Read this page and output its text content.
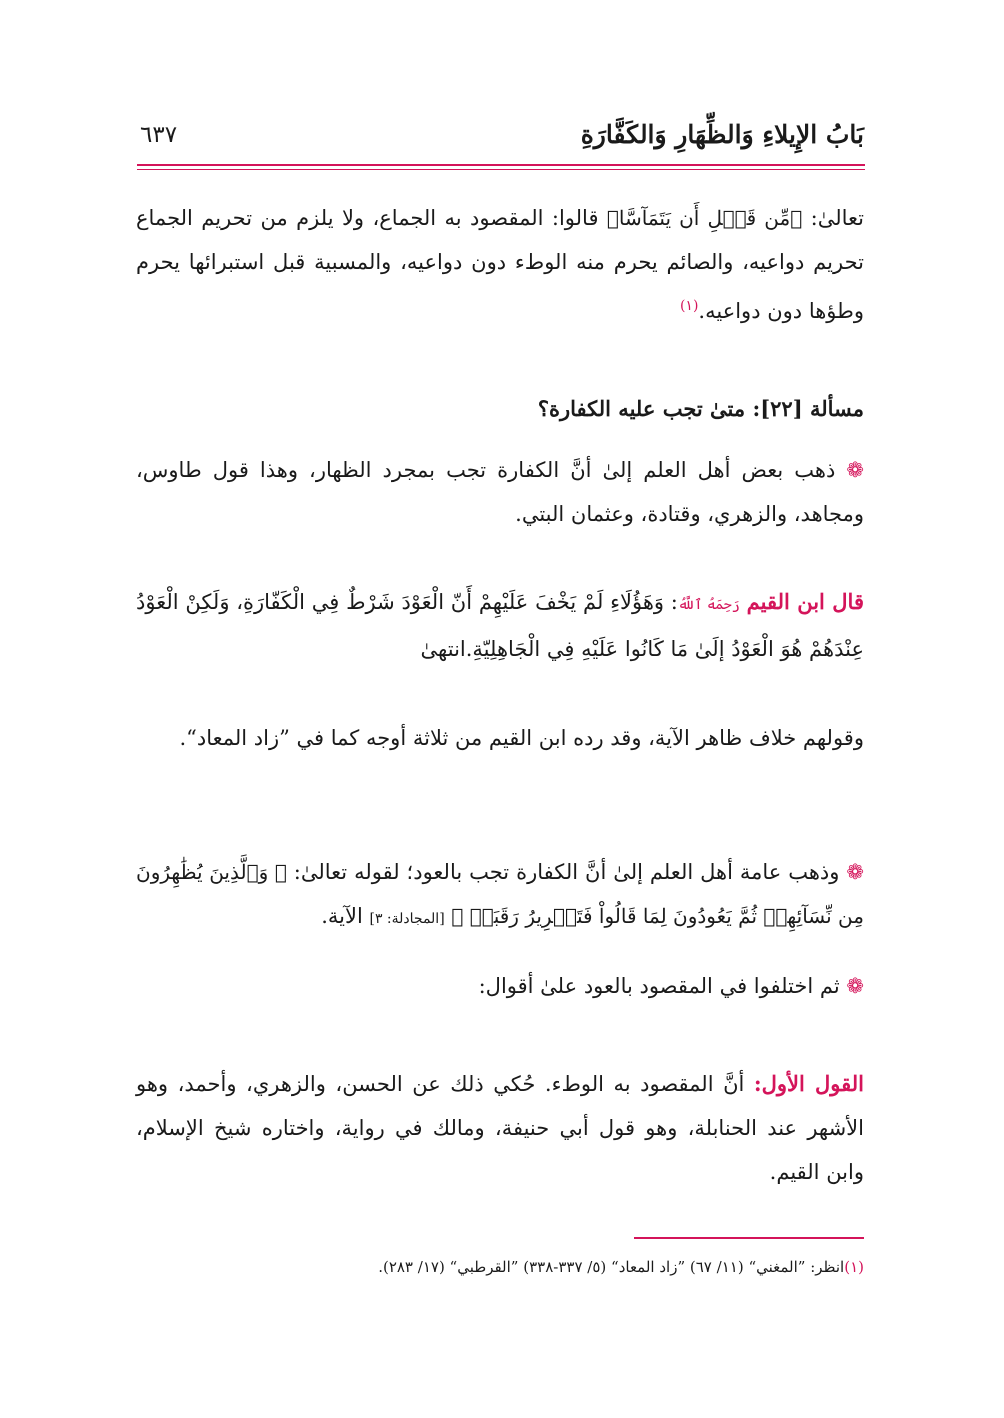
بَابُ الإِيلاءِ وَالظِّهَارِ وَالكَفَّارَةِ
٦٣٧
تعالىٰ: ﴿مِّن قَبۡلِ أَن يَتَمَآسَّا﴾ قالوا: المقصود به الجماع، ولا يلزم من تحريم الجماع تحريم دواعيه، والصائم يحرم منه الوطء دون دواعيه، والمسبية قبل استبرائها يحرم وطؤها دون دواعيه.$^{(١)}$
مسألة [٢٢]: متىٰ تجب عليه الكفارة؟
❁ ذهب بعض أهل العلم إلىٰ أنَّ الكفارة تجب بمجرد الظهار، وهذا قول طاوس، ومجاهد، والزهري، وقتادة، وعثمان البتي.
قال ابن القيم رَحِمَهُ ٱللَّهُ: وَهَؤُلَاءِ لَمْ يَخْفَ عَلَيْهِمْ أَنّ الْعَوْدَ شَرْطٌ فِي الْكَفّارَةِ، وَلَكِنْ الْعَوْدُ عِنْدَهُمْ هُوَ الْعَوْدُ إلَىٰ مَا كَانُوا عَلَيْهِ فِي الْجَاهِلِيّةِ.انتهىٰ
وقولهم خلاف ظاهر الآية، وقد رده ابن القيم من ثلاثة أوجه كما في ”زاد المعاد“.
❁ وذهب عامة أهل العلم إلىٰ أنَّ الكفارة تجب بالعود؛ لقوله تعالىٰ: ﴿ وَٱلَّذِينَ يُظَٰهِرُونَ مِن نِّسَآئِهِمۡ ثُمَّ يَعُودُونَ لِمَا قَالُواْ فَتَحۡرِيرُ رَقَبَةٖ ﴾ [المجادلة: ٣] الآية.
❁ ثم اختلفوا في المقصود بالعود علىٰ أقوال:
القول الأول: أنَّ المقصود به الوطء. حُكي ذلك عن الحسن، والزهري، وأحمد، وهو الأشهر عند الحنابلة، وهو قول أبي حنيفة، ومالك في رواية، واختاره شيخ الإسلام، وابن القيم.
(١)انظر: ”المغني“ (١١/ ٦٧) ”زاد المعاد“ (٥/ ٣٣٧-٣٣٨) ”القرطبي“ (١٧/ ٢٨٣).
